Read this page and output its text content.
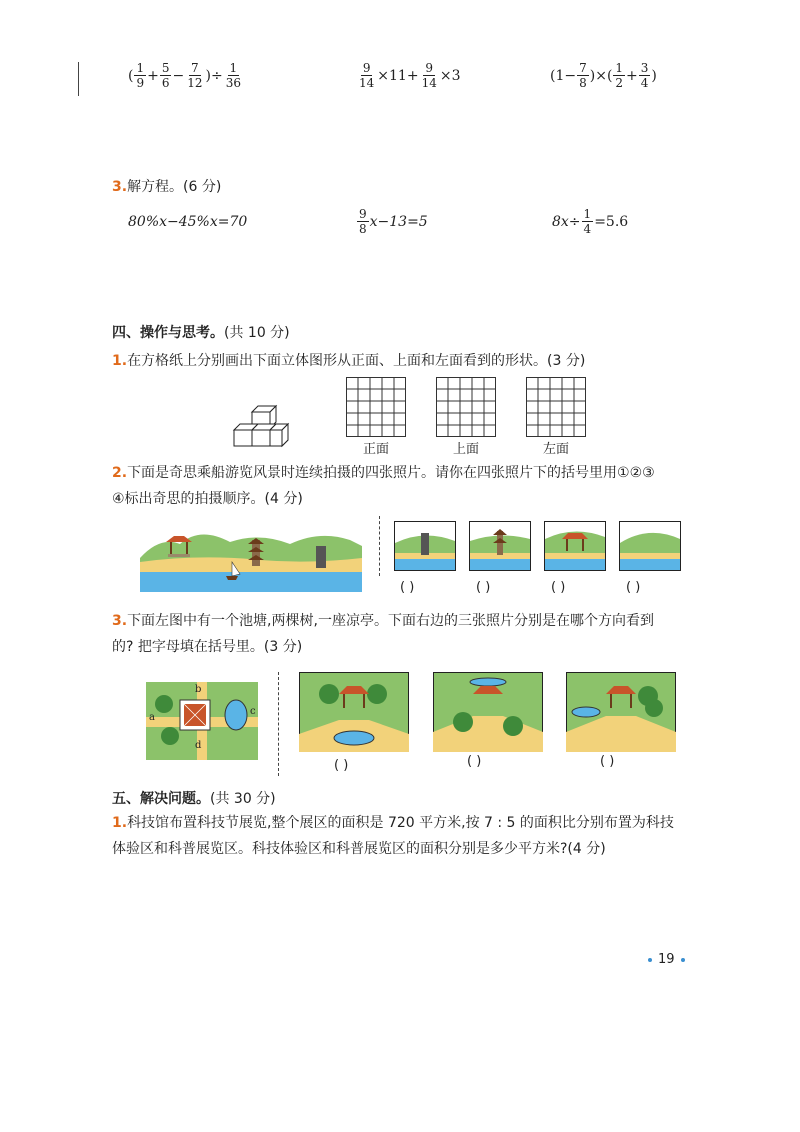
( $\frac{1}{9} + \frac{5}{6} - \frac{7}{12}$ ) ÷ $\frac{1}{36}$	$\frac{9}{14} \times 11+ \frac{9}{14} \times 3$	($1- \frac{7}{8}$ )×( $\frac{1}{2} + \frac{3}{4}$ )
3.解方程。(6 分)
80%x−45%x=70	$\frac{9}{8} x-13=5$	$8x\div \frac{1}{4} =5.6$
四、操作与思考。(共 10 分)
1.在方格纸上分别画出下面立体图形从正面、上面和左面看到的形状。(3 分)
正面	上面	左面
2.下面是奇思乘船游览风景时连续拍摄的四张照片。请你在四张照片下的括号里用①②③
④标出奇思的拍摄顺序。(4 分)
( )	( )	( )	( )
3.下面左图中有一个池塘,两棵树,一座凉亭。下面右边的三张照片分别是在哪个方向看到
的? 把字母填在括号里。(3 分)
a
b
c
d
( )	( )	( )
五、解决问题。(共 30 分)
1.科技馆布置科技节展览,整个展区的面积是 720 平方米,按 7 : 5 的面积比分别布置为科技
体验区和科普展览区。科技体验区和科普展览区的面积分别是多少平方米?(4 分)
19
